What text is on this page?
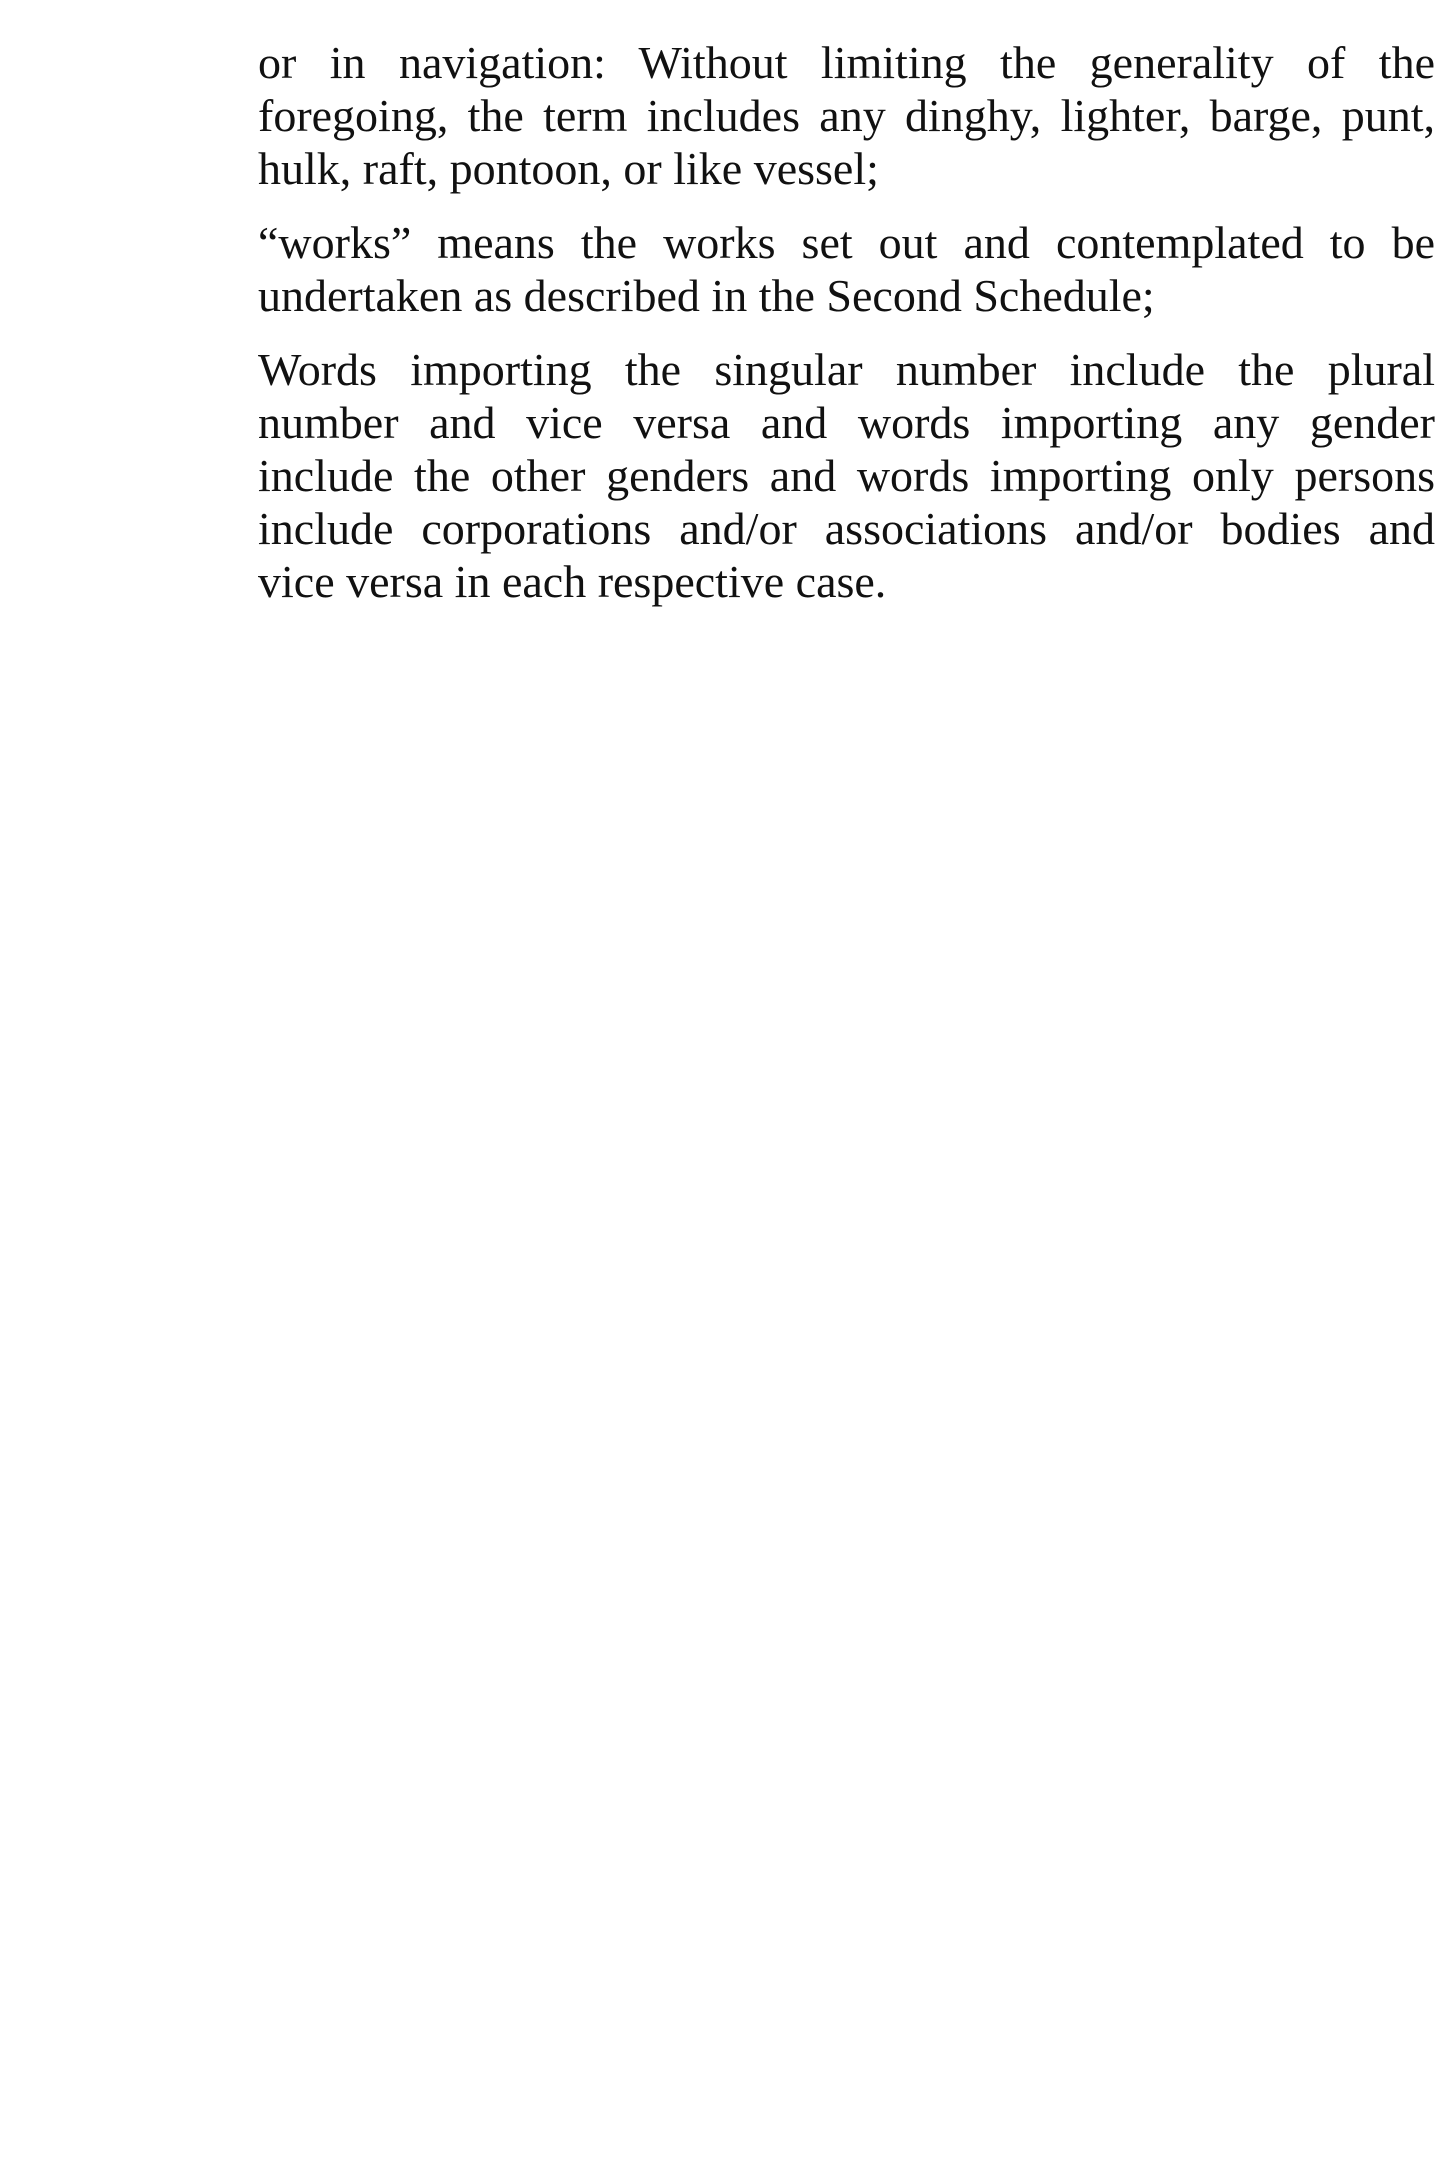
or in navigation: Without limiting the generality of the
foregoing, the term includes any dinghy, lighter, barge, punt,
hulk, raft, pontoon, or like vessel;

“works” means the works set out and contemplated to be
undertaken as described in the Second Schedule;

Words importing the singular number include the plural
number and vice versa and words importing any gender
include the other genders and words importing only persons
include corporations and/or associations and/or bodies and
vice versa in each respective case.
